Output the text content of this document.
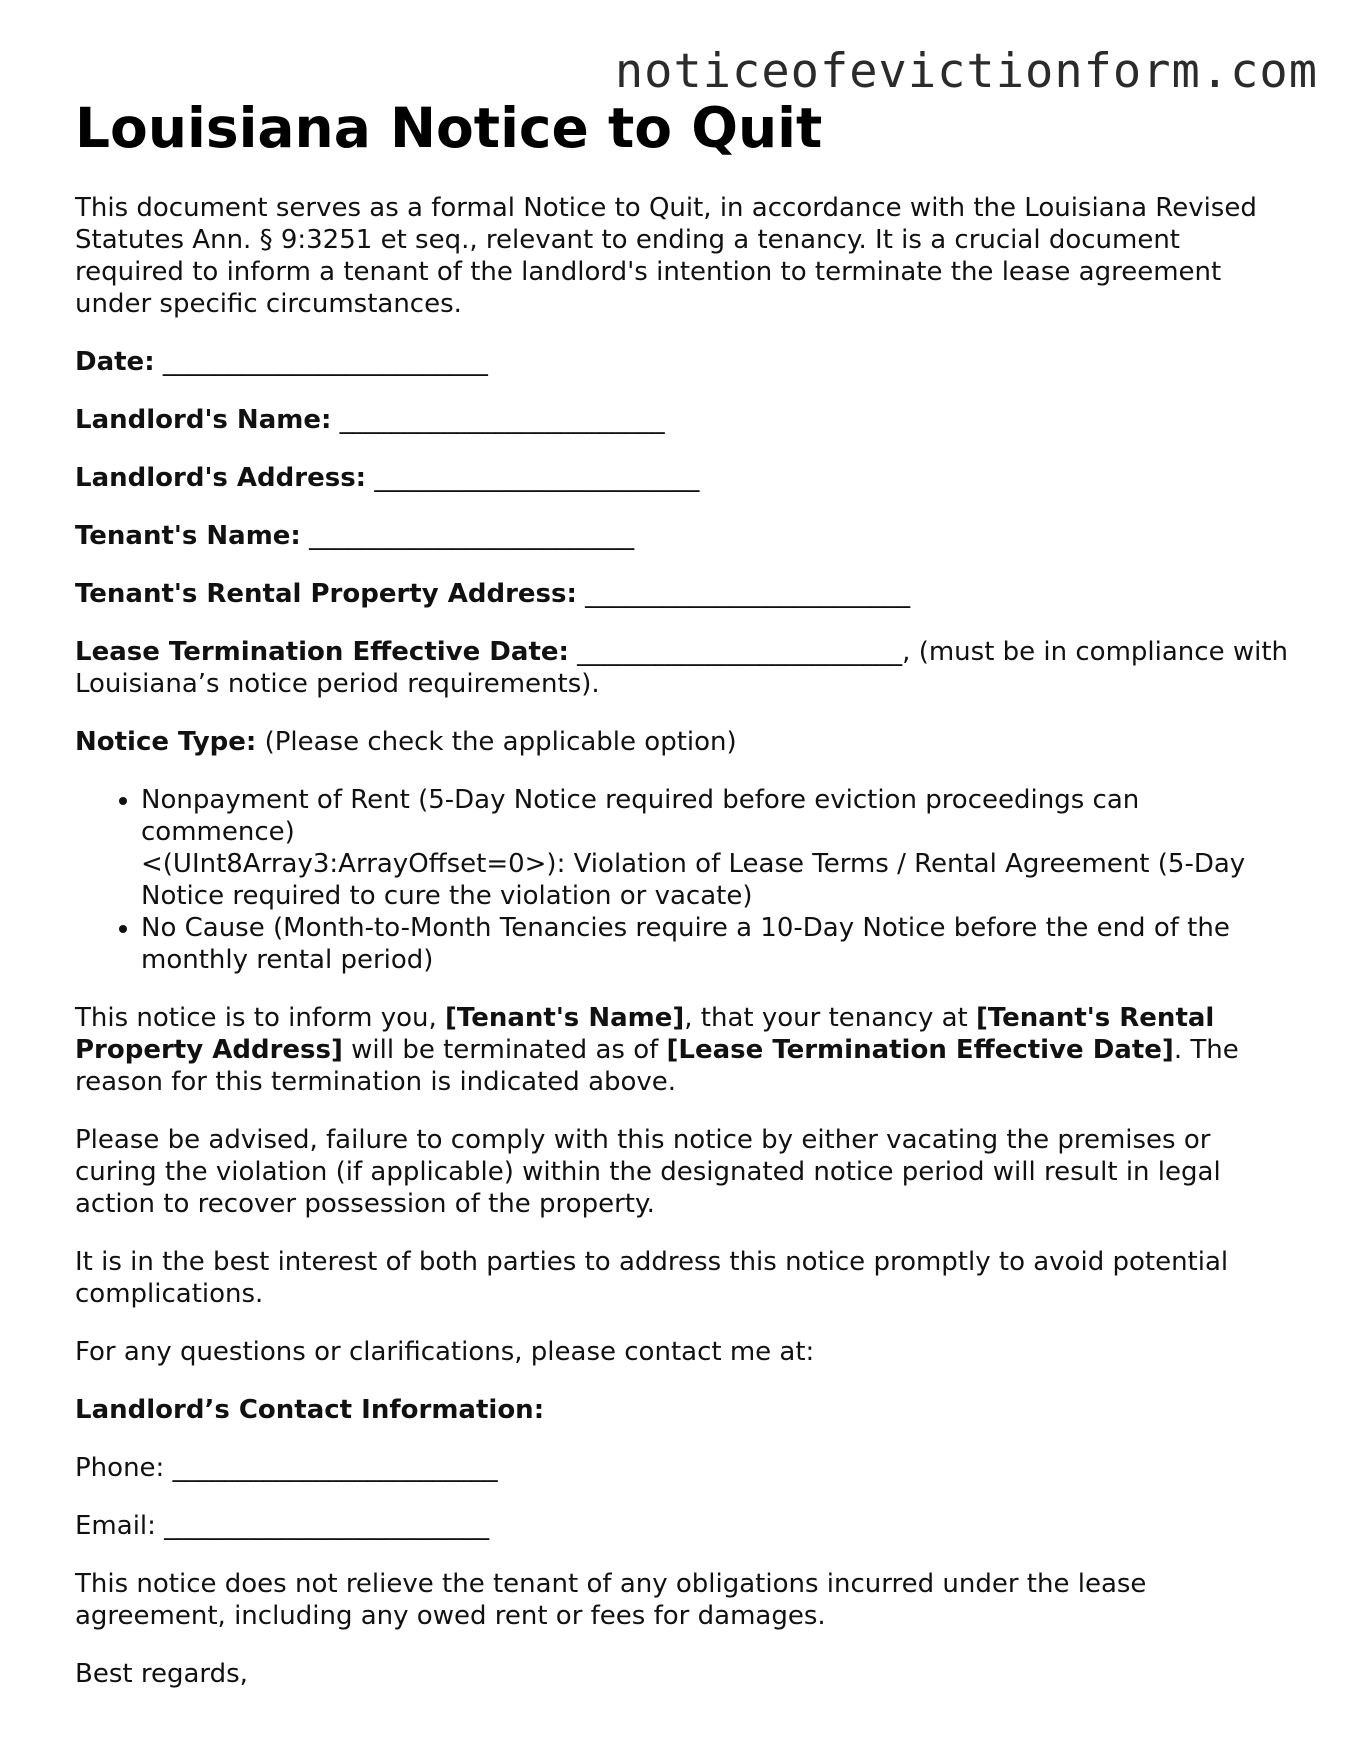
noticeofevictionform.com
Louisiana Notice to Quit

This document serves as a formal Notice to Quit, in accordance with the Louisiana Revised Statutes Ann. § 9:3251 et seq., relevant to ending a tenancy. It is a crucial document required to inform a tenant of the landlord's intention to terminate the lease agreement under specific circumstances.

Date: _________________________

Landlord's Name: _________________________

Landlord's Address: _________________________

Tenant's Name: _________________________

Tenant's Rental Property Address: _________________________

Lease Termination Effective Date: _________________________, (must be in compliance with Louisiana’s notice period requirements).

Notice Type: (Please check the applicable option)

• Nonpayment of Rent (5-Day Notice required before eviction proceedings can commence)
<(UInt8Array3:ArrayOffset=0>): Violation of Lease Terms / Rental Agreement (5-Day Notice required to cure the violation or vacate)
• No Cause (Month-to-Month Tenancies require a 10-Day Notice before the end of the monthly rental period)

This notice is to inform you, [Tenant's Name], that your tenancy at [Tenant's Rental Property Address] will be terminated as of [Lease Termination Effective Date]. The reason for this termination is indicated above.

Please be advised, failure to comply with this notice by either vacating the premises or curing the violation (if applicable) within the designated notice period will result in legal action to recover possession of the property.

It is in the best interest of both parties to address this notice promptly to avoid potential complications.

For any questions or clarifications, please contact me at:

Landlord’s Contact Information:

Phone: _________________________

Email: _________________________

This notice does not relieve the tenant of any obligations incurred under the lease agreement, including any owed rent or fees for damages.

Best regards,
